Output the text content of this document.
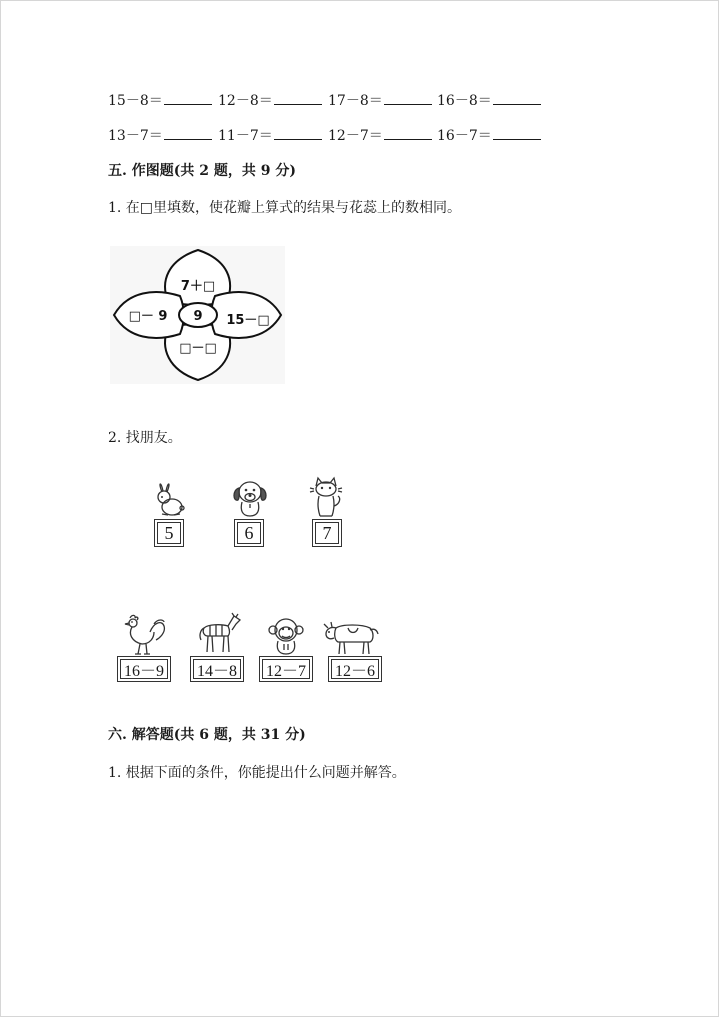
15－8＝	12－8＝	17－8＝	16－8＝
13－7＝	11－7＝	12－7＝	16－7＝
五. 作图题(共 2 题，共 9 分)
1. 在□里填数，使花瓣上算式的结果与花蕊上的数相同。
9
7＋□
□－ 9	15－□
□－□
2. 找朋友。
5	6	7
16－9 14－8 12－7 12－6
六. 解答题(共 6 题，共 31 分)
1. 根据下面的条件，你能提出什么问题并解答。
